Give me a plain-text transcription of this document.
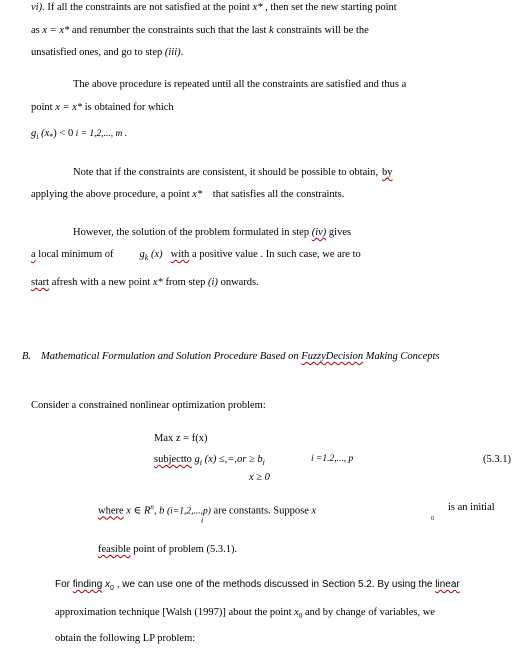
vi). If all the constraints are not satisfied at the point x* , then set the new starting point
as x = x* and renumber the constraints such that the last k constraints will be the
unsatisfied ones, and go to step (iii).
The above procedure is repeated until all the constraints are satisfied and thus a
point x = x* is obtained for which
$g_i$ $(x_*) < 0$ i = 1,2,..., m .
Note that if the constraints are consistent, it should be possible to obtain, by
applying the above procedure, a point x* that satisfies all the constraints.
However, the solution of the problem formulated in step (iv) gives
a local minimum of $g_k$ (x) with a positive value . In such case, we are to
start afresh with a new point x* from step (i) onwards.
B. Mathematical Formulation and Solution Procedure Based on FuzzyDecision Making Concepts
Consider a constrained nonlinear optimization problem:
Max z = f(x)
subjectto $g_i$ $(x) \le,=,or \ge b_i$	i =1.2,..., p	(5.3.1)
x ≥ 0
where x ∈ $R^n$, b (i=1,2,...,p) are constants. Suppose x	is an initial
i	0
feasible point of problem (5.3.1).
For finding $x_0$ , we can use one of the methods discussed in Section 5.2. By using the linear
approximation technique [Walsh (1997)] about the point $x_0$ and by change of variables, we
obtain the following LP problem:
